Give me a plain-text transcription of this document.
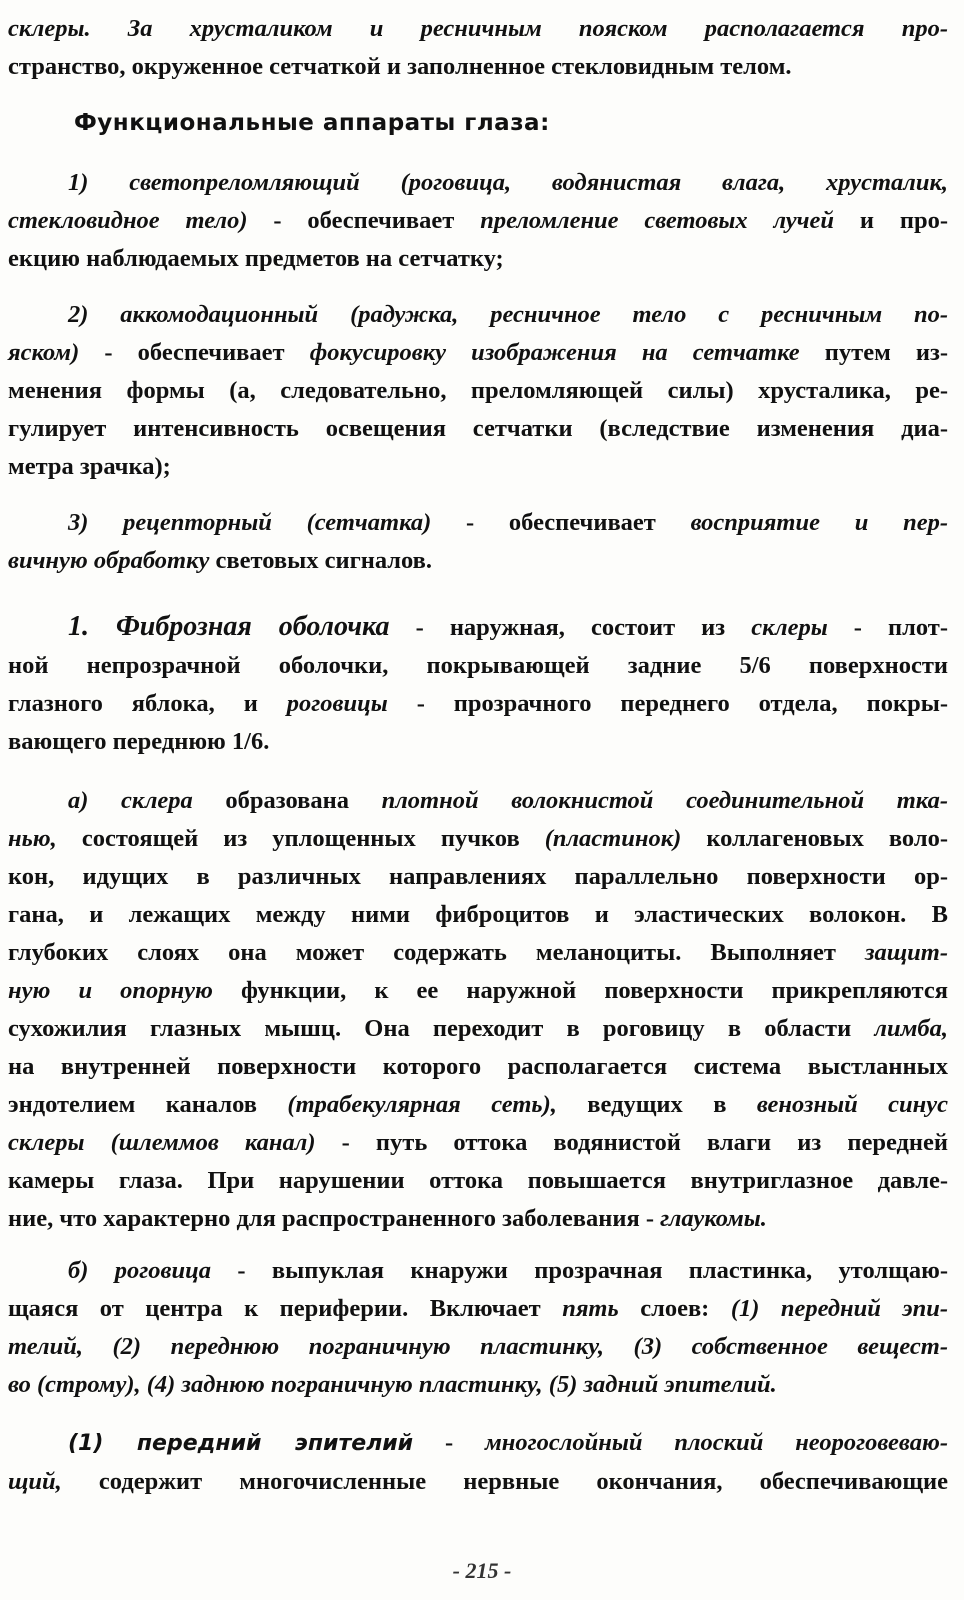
склеры. За хрусталиком и ресничным пояском располагается про-
странство, окруженное сетчаткой и заполненное стекловидным телом.
Функциональные аппараты глаза:
1) светопреломляющий (роговица, водянистая влага, хрусталик,
стекловидное тело) - обеспечивает преломление световых лучей и про-
екцию наблюдаемых предметов на сетчатку;
2) аккомодационный (радужка, ресничное тело с ресничным по-
яском) - обеспечивает фокусировку изображения на сетчатке путем из-
менения формы (а, следовательно, преломляющей силы) хрусталика, ре-
гулирует интенсивность освещения сетчатки (вследствие изменения диа-
метра зрачка);
3) рецепторный (сетчатка) - обеспечивает восприятие и пер-
вичную обработку световых сигналов.
1. Фиброзная оболочка - наружная, состоит из склеры - плот-
ной непрозрачной оболочки, покрывающей задние 5/6 поверхности
глазного яблока, и роговицы - прозрачного переднего отдела, покры-
вающего переднюю 1/6.
а) склера образована плотной волокнистой соединительной тка-
нью, состоящей из уплощенных пучков (пластинок) коллагеновых воло-
кон, идущих в различных направлениях параллельно поверхности ор-
гана, и лежащих между ними фиброцитов и эластических волокон. В
глубоких слоях она может содержать меланоциты. Выполняет защит-
ную и опорную функции, к ее наружной поверхности прикрепляются
сухожилия глазных мышц. Она переходит в роговицу в области лимба,
на внутренней поверхности которого располагается система выстланных
эндотелием каналов (трабекулярная сеть), ведущих в венозный синус
склеры (шлеммов канал) - путь оттока водянистой влаги из передней
камеры глаза. При нарушении оттока повышается внутриглазное давле-
ние, что характерно для распространенного заболевания - глаукомы.
б) роговица - выпуклая кнаружи прозрачная пластинка, утолщаю-
щаяся от центра к периферии. Включает пять слоев: (1) передний эпи-
телий, (2) переднюю пограничную пластинку, (3) собственное вещест-
во (строму), (4) заднюю пограничную пластинку, (5) задний эпителий.
(1) передний эпителий - многослойный плоский неороговеваю-
щий, содержит многочисленные нервные окончания, обеспечивающие
- 215 -
